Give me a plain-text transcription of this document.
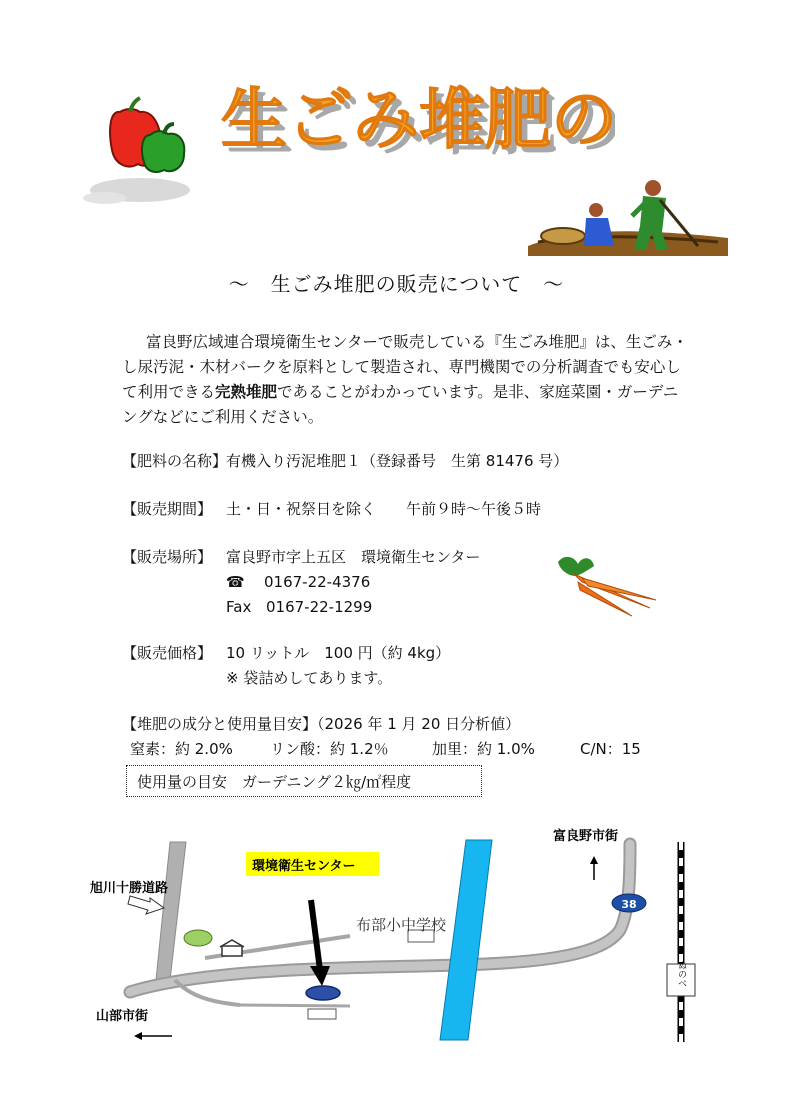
生ごみ堆肥の
生ごみ堆肥の
～　生ごみ堆肥の販売について　～
富良野広域連合環境衛生センターで販売している『生ごみ堆肥』は、生ごみ・し尿汚泥・木材バークを原料として製造され、専門機関での分析調査でも安心して利用できる完熟堆肥であることがわかっています。是非、家庭菜園・ガーデニングなどにご利用ください。
【肥料の名称】有機入り汚泥堆肥１（登録番号　生第 81476 号）
【販売期間】 土・日・祝祭日を除く　　午前９時～午後５時
【販売場所】 富良野市字上五区　環境衛生センター
☎ 0167-22-4376
Fax 0167-22-1299
【販売価格】 10 リットル　100 円（約 4kg）
※ 袋詰めしてあります。
【堆肥の成分と使用量目安】（2026 年 1 月 20 日分析値）
窒素：約 2.0% リン酸：約 1.2％	加里：約 1.0%	C/N：15
使用量の目安　ガーデニング２㎏/㎡程度
38
環境衛生センター
富良野市街
旭川十勝道路
山部市街
布部小中学校
ぬのべ
